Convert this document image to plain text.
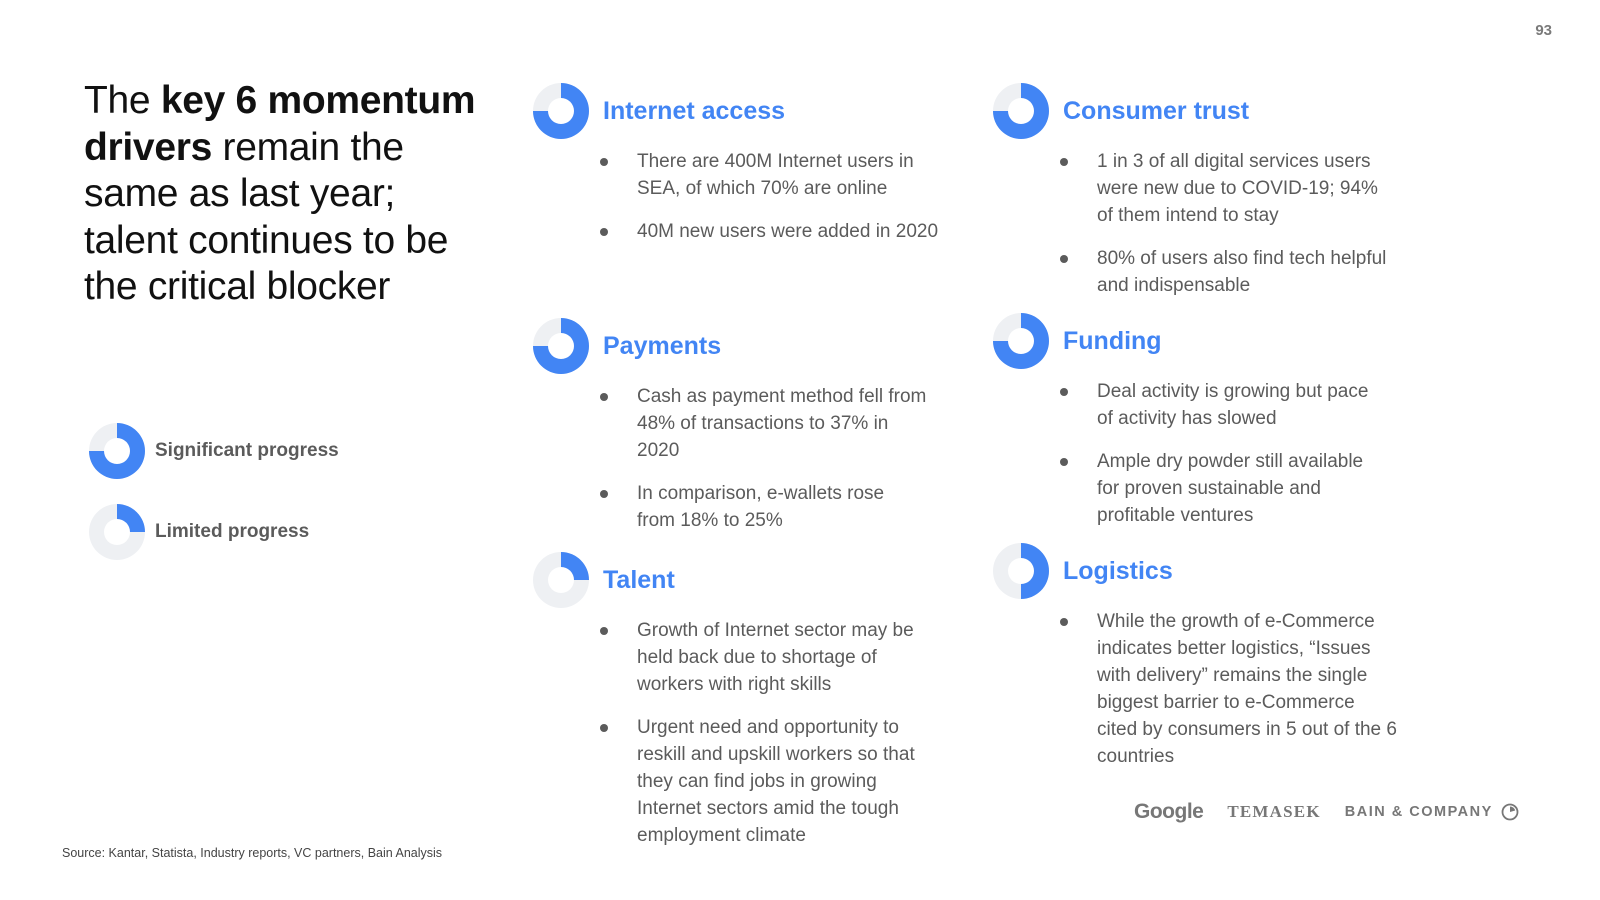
93
The key 6 momentum drivers remain the same as last year; talent continues to be the critical blocker
Significant progress
Limited progress
Internet access
There are 400M Internet users in SEA, of which 70% are online
40M new users were added in 2020
Payments
Cash as payment method fell from 48% of transactions to 37% in 2020
In comparison, e-wallets rose from 18% to 25%
Talent
Growth of Internet sector may be held back due to shortage of workers with right skills
Urgent need and opportunity to reskill and upskill workers so that they can find jobs in growing Internet sectors amid the tough employment climate
Consumer trust
1 in 3 of all digital services users were new due to COVID-19; 94% of them intend to stay
80% of users also find tech helpful and indispensable
Funding
Deal activity is growing but pace of activity has slowed
Ample dry powder still available for proven sustainable and profitable ventures
Logistics
While the growth of e-Commerce indicates better logistics, “Issues with delivery” remains the single biggest barrier to e-Commerce cited by consumers in 5 out of the 6 countries
Source: Kantar, Statista, Industry reports, VC partners, Bain Analysis
Google TEMASEK BAIN & COMPANY
